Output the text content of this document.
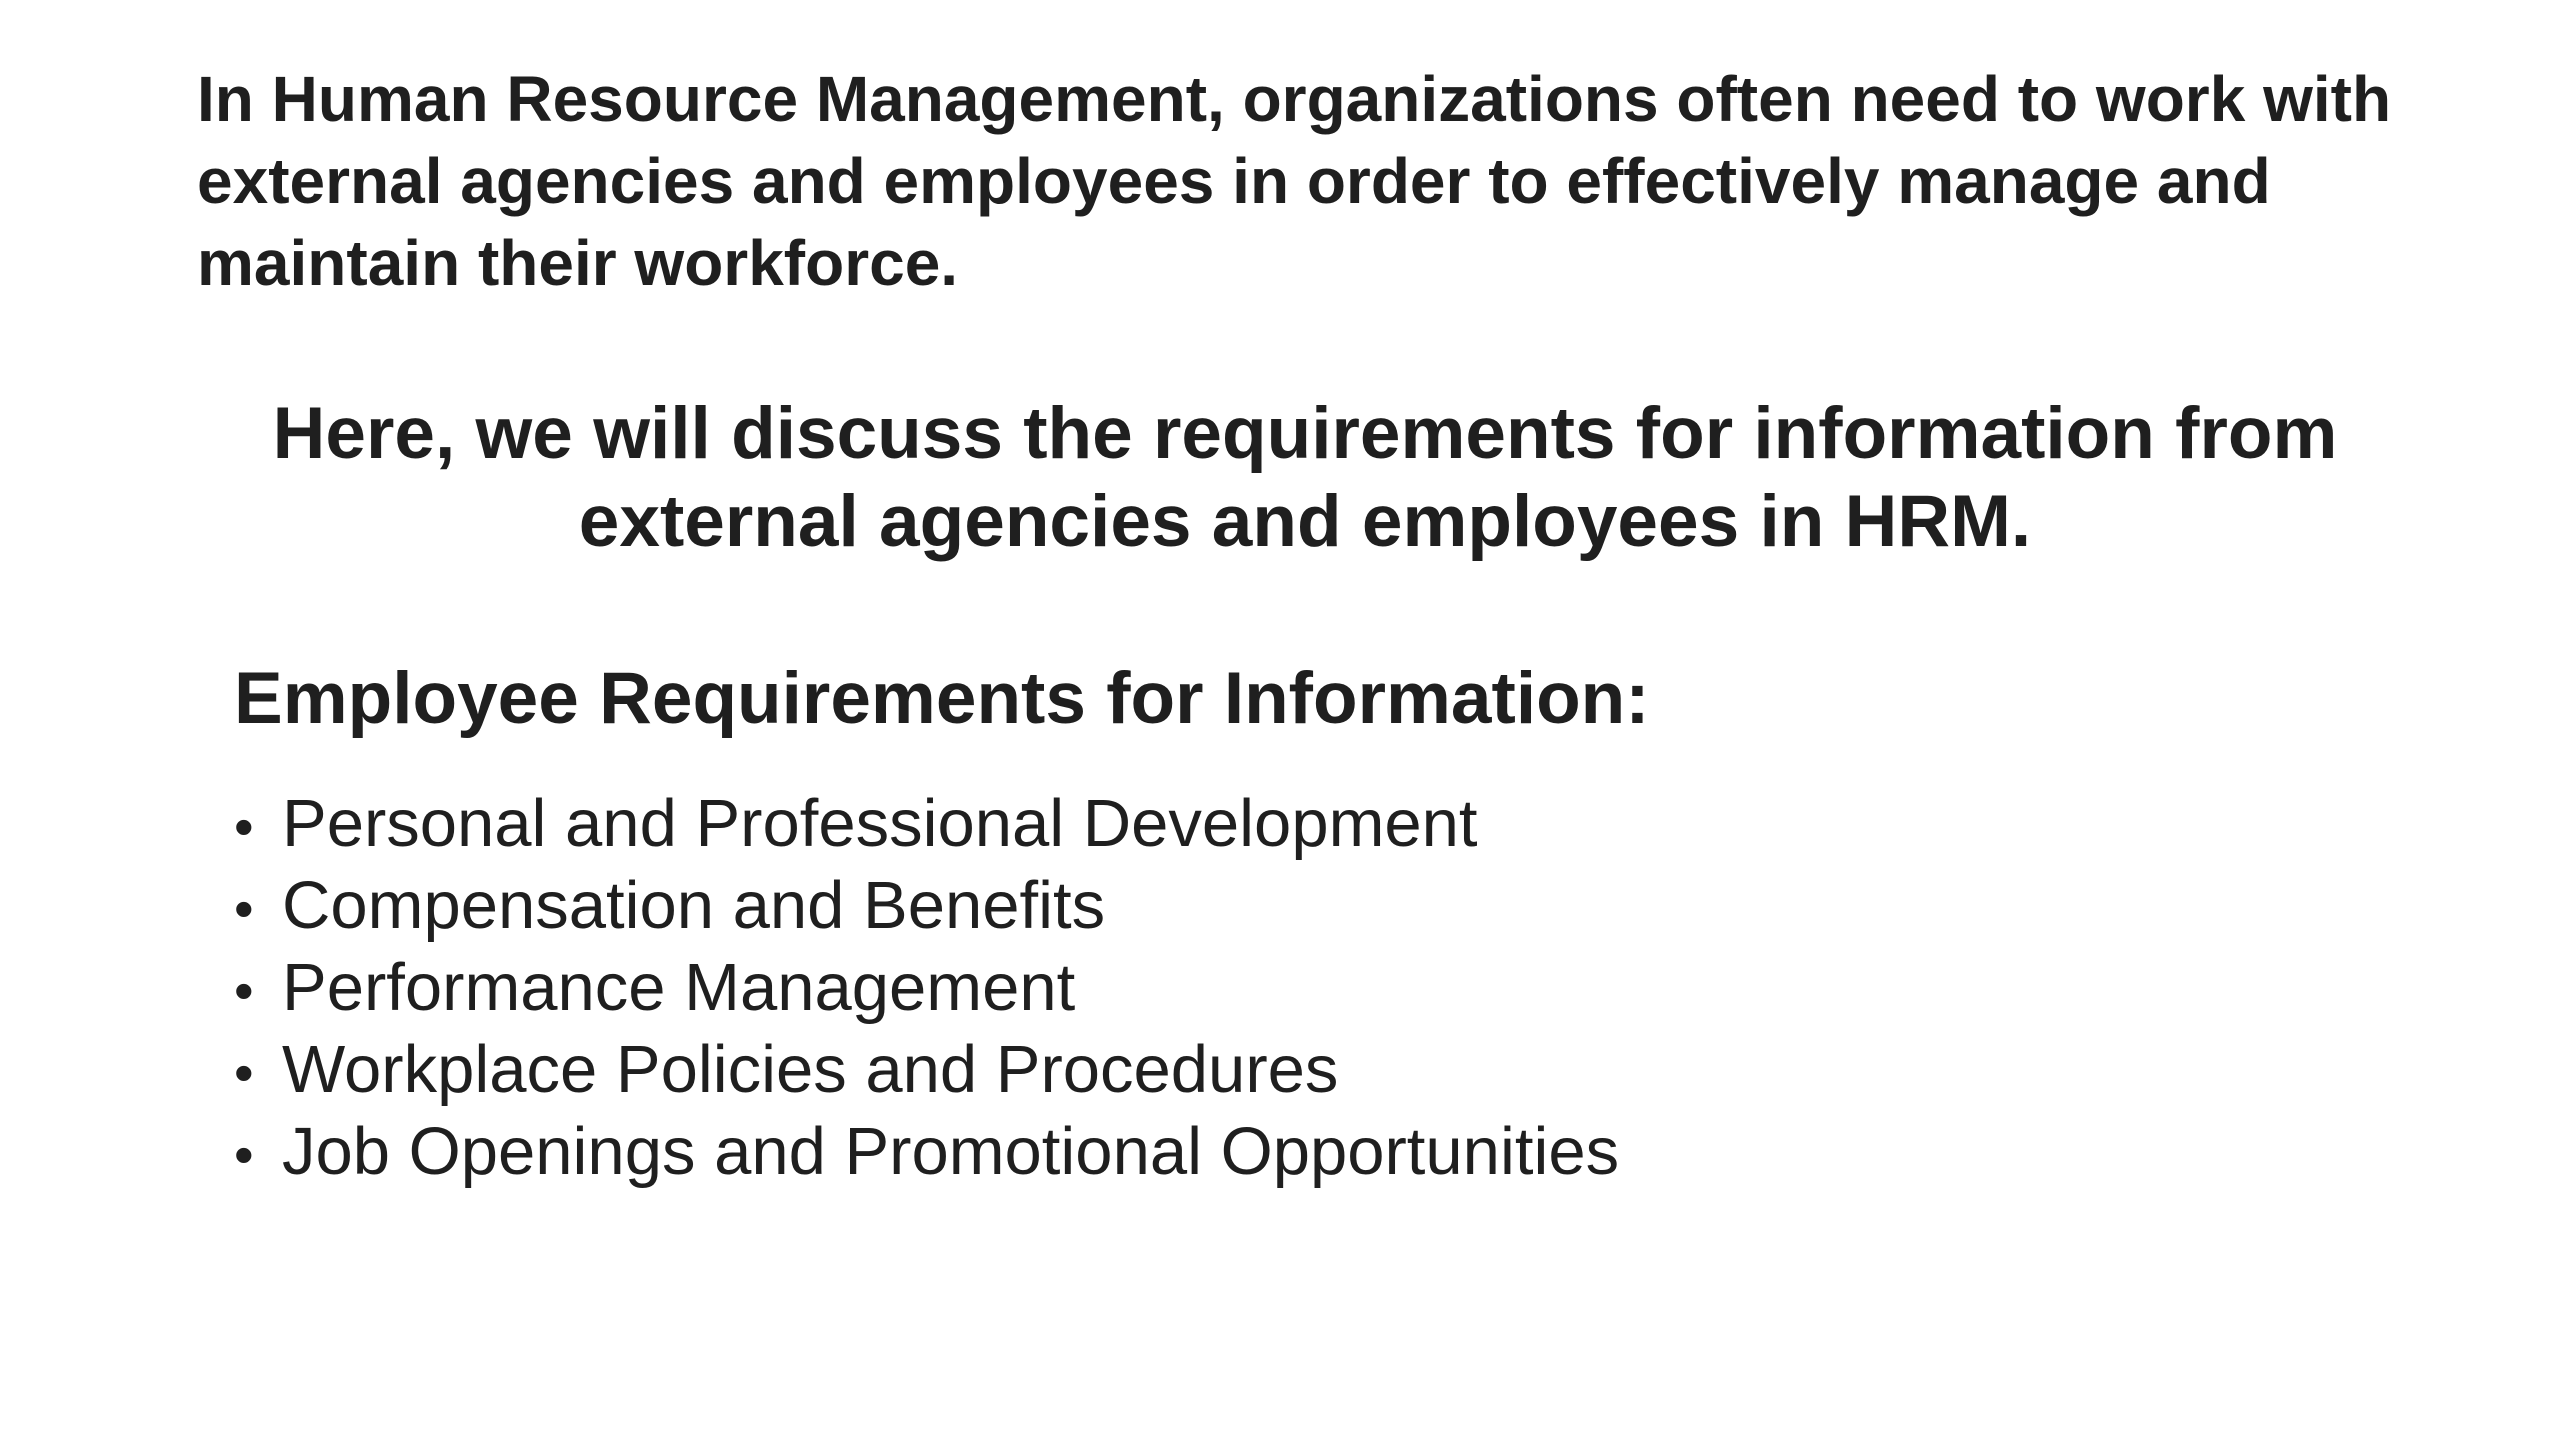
In Human Resource Management, organizations often need to work with external agencies and employees in order to effectively manage and maintain their workforce.

Here, we will discuss the requirements for information from external agencies and employees in HRM.

Employee Requirements for Information:
• Personal and Professional Development
• Compensation and Benefits
• Performance Management
• Workplace Policies and Procedures
• Job Openings and Promotional Opportunities
